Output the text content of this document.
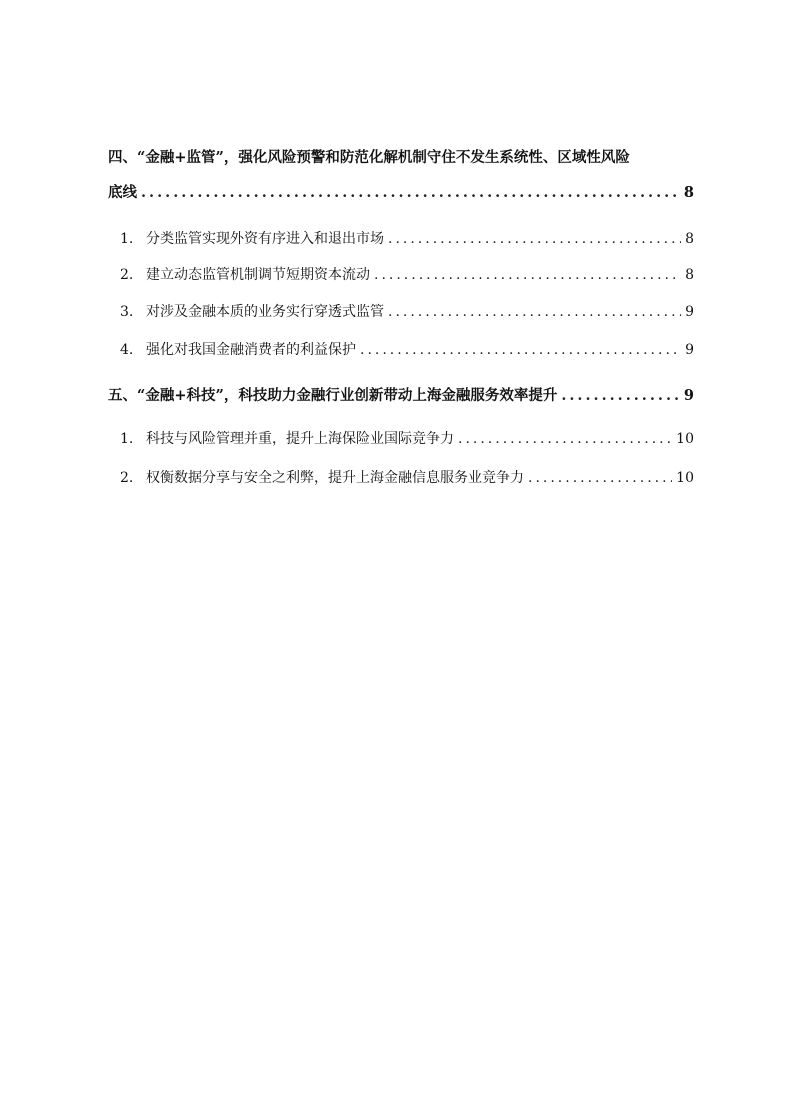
四、“金融+监管”，强化风险预警和防范化解机制守住不发生系统性、区域性风险
底线 .....	8
1. 分类监管实现外资有序进入和退出市场 .....	8
2. 建立动态监管机制调节短期资本流动 .....	8
3. 对涉及金融本质的业务实行穿透式监管 .....	9
4. 强化对我国金融消费者的利益保护 .....	9
五、“金融+科技”，科技助力金融行业创新带动上海金融服务效率提升 .....	9
1. 科技与风险管理并重，提升上海保险业国际竞争力 .....	10
2. 权衡数据分享与安全之利弊，提升上海金融信息服务业竞争力 .....	10
